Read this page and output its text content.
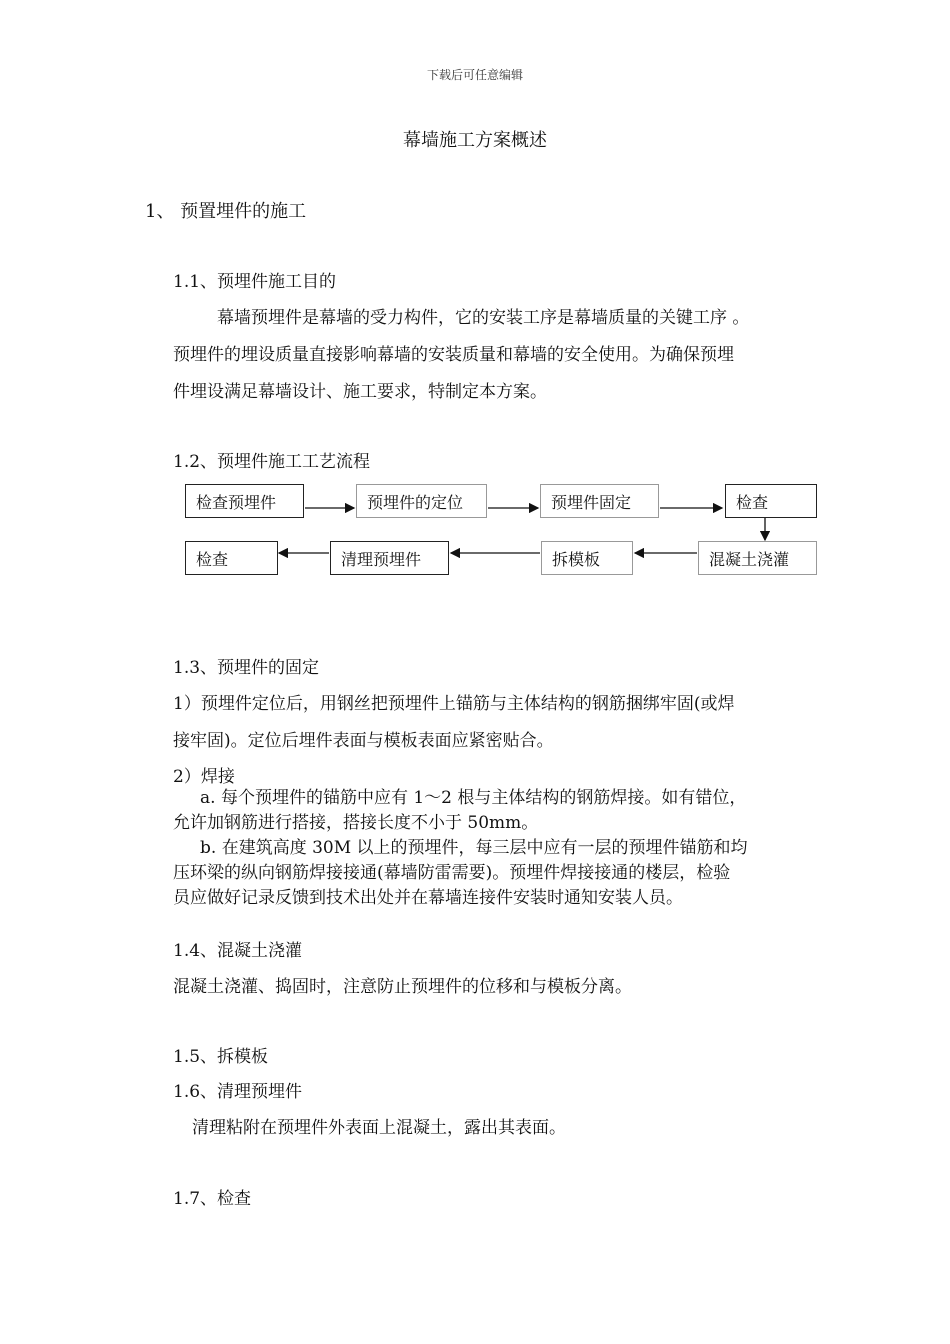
下载后可任意编辑
幕墙施工方案概述
1、 预置埋件的施工
1.1、预埋件施工目的
幕墙预埋件是幕墙的受力构件，它的安装工序是幕墙质量的关键工序 。
预埋件的埋设质量直接影响幕墙的安装质量和幕墙的安全使用。为确保预埋
件埋设满足幕墙设计、施工要求，特制定本方案。
1.2、预埋件施工工艺流程
检查预埋件	预埋件的定位	预埋件固定	检查
检查	清理预埋件	拆模板	混凝土浇灌
1.3、预埋件的固定
1）预埋件定位后，用钢丝把预埋件上锚筋与主体结构的钢筋捆绑牢固(或焊
接牢固)。定位后埋件表面与模板表面应紧密贴合。
2）焊接
a. 每个预埋件的锚筋中应有 1～2 根与主体结构的钢筋焊接。如有错位，
允许加钢筋进行搭接，搭接长度不小于 50mm。
b. 在建筑高度 30M 以上的预埋件，每三层中应有一层的预埋件锚筋和均
压环梁的纵向钢筋焊接接通(幕墙防雷需要)。预埋件焊接接通的楼层，检验
员应做好记录反馈到技术出处并在幕墙连接件安装时通知安装人员。
1.4、混凝土浇灌
混凝土浇灌、捣固时，注意防止预埋件的位移和与模板分离。
1.5、拆模板
1.6、清理预埋件
清理粘附在预埋件外表面上混凝土，露出其表面。
1.7、检查
